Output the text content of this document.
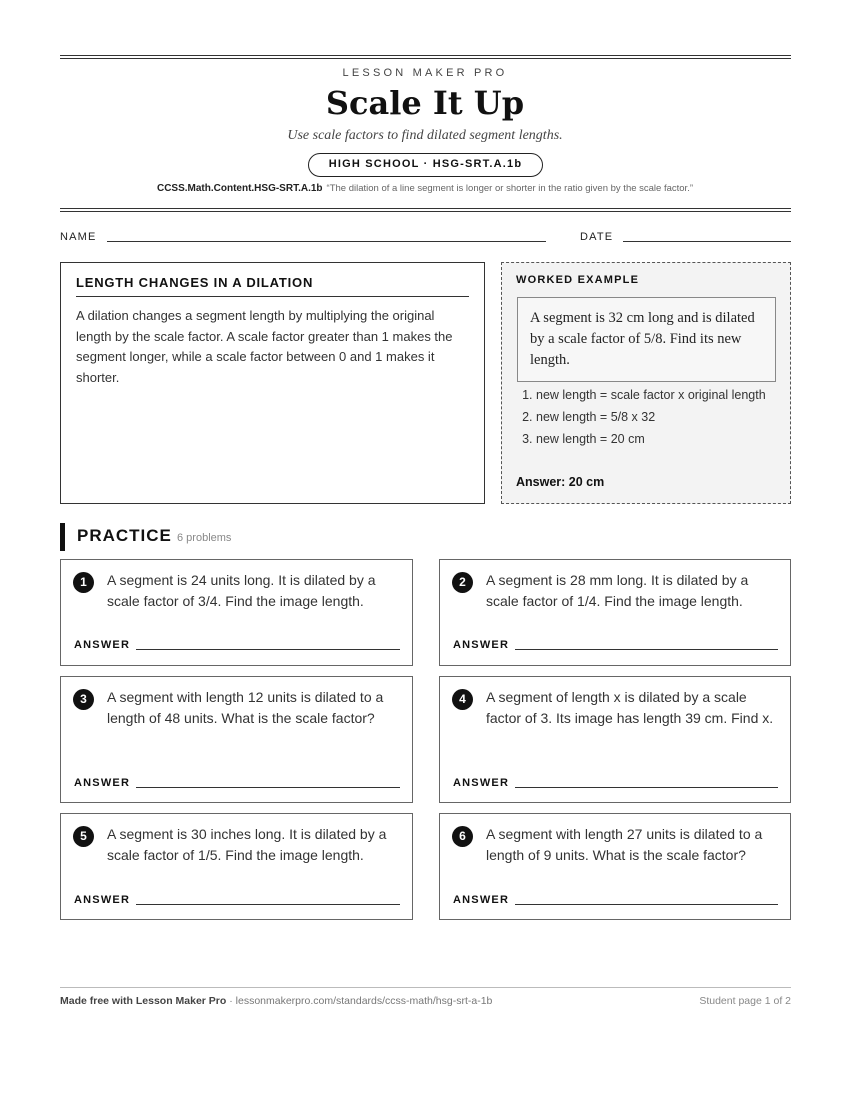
LESSON MAKER PRO
Scale It Up
Use scale factors to find dilated segment lengths.
HIGH SCHOOL · HSG-SRT.A.1b
CCSS.Math.Content.HSG-SRT.A.1b “The dilation of a line segment is longer or shorter in the ratio given by the scale factor.”
NAME	DATE
LENGTH CHANGES IN A DILATION
A dilation changes a segment length by multiplying the original length by the scale factor. A scale factor greater than 1 makes the segment longer, while a scale factor between 0 and 1 makes it shorter.
WORKED EXAMPLE
A segment is 32 cm long and is dilated by a scale factor of 5/8. Find its new length.
1. new length = scale factor x original length
2. new length = 5/8 x 32
3. new length = 20 cm
Answer: 20 cm
PRACTICE 6 problems
1	A segment is 24 units long. It is dilated by a scale factor of 3/4. Find the image length.
ANSWER
2	A segment is 28 mm long. It is dilated by a scale factor of 1/4. Find the image length.
ANSWER
3	A segment with length 12 units is dilated to a length of 48 units. What is the scale factor?
ANSWER
4	A segment of length x is dilated by a scale factor of 3. Its image has length 39 cm. Find x.
ANSWER
5	A segment is 30 inches long. It is dilated by a scale factor of 1/5. Find the image length.
ANSWER
6	A segment with length 27 units is dilated to a length of 9 units. What is the scale factor?
ANSWER
Made free with Lesson Maker Pro · lessonmakerpro.com/standards/ccss-math/hsg-srt-a-1b	Student page 1 of 2
